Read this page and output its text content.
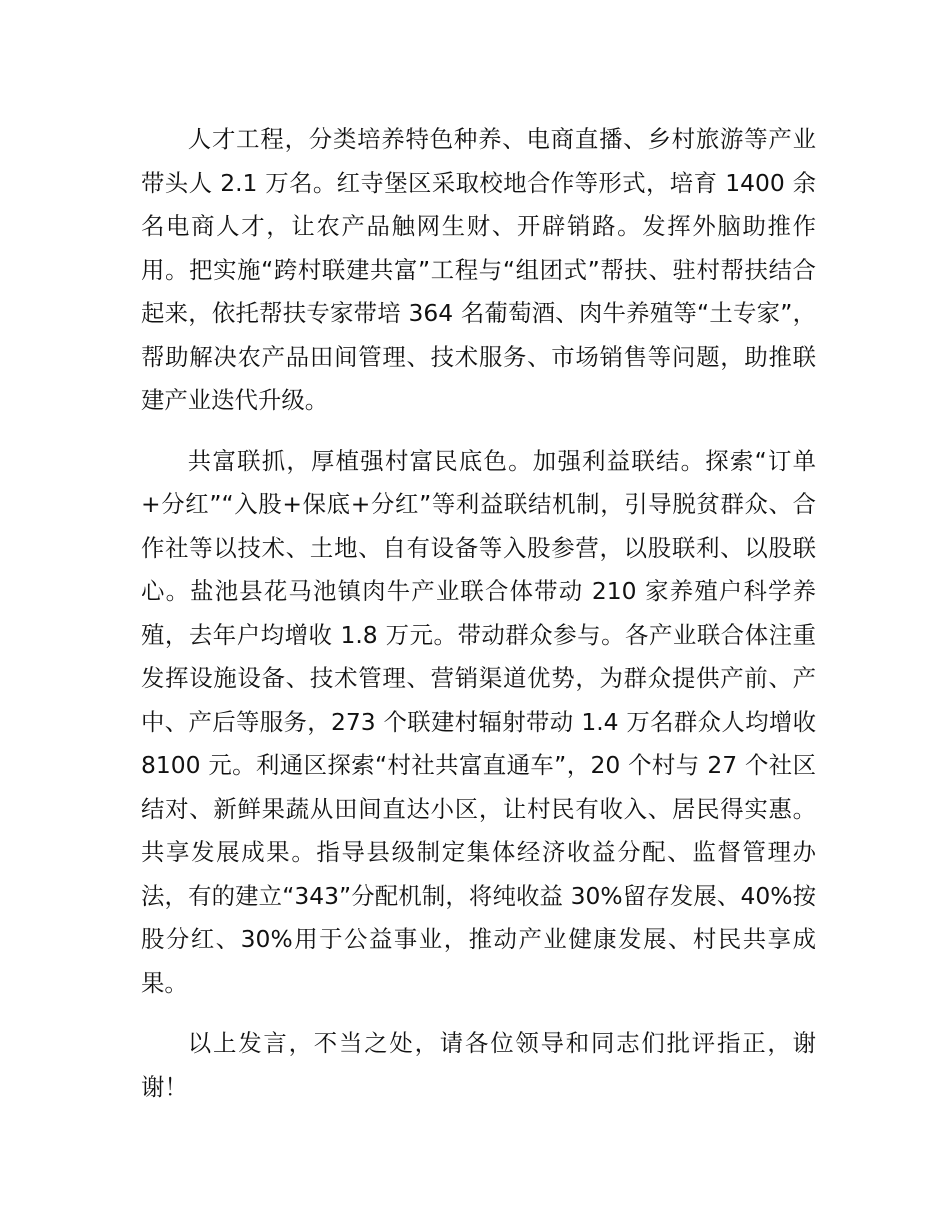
人才工程，分类培养特色种养、电商直播、乡村旅游等产业带头人 2.1 万名。红寺堡区采取校地合作等形式，培育 1400 余名电商人才，让农产品触网生财、开辟销路。发挥外脑助推作用。把实施“跨村联建共富”工程与“组团式”帮扶、驻村帮扶结合起来，依托帮扶专家带培 364 名葡萄酒、肉牛养殖等“土专家”，帮助解决农产品田间管理、技术服务、市场销售等问题，助推联建产业迭代升级。

共富联抓，厚植强村富民底色。加强利益联结。探索“订单+分红”“入股+保底+分红”等利益联结机制，引导脱贫群众、合作社等以技术、土地、自有设备等入股参营，以股联利、以股联心。盐池县花马池镇肉牛产业联合体带动 210 家养殖户科学养殖，去年户均增收 1.8 万元。带动群众参与。各产业联合体注重发挥设施设备、技术管理、营销渠道优势，为群众提供产前、产中、产后等服务，273 个联建村辐射带动 1.4 万名群众人均增收 8100 元。利通区探索“村社共富直通车”，20 个村与 27 个社区结对、新鲜果蔬从田间直达小区，让村民有收入、居民得实惠。共享发展成果。指导县级制定集体经济收益分配、监督管理办法，有的建立“343”分配机制，将纯收益 30%留存发展、40%按股分红、30%用于公益事业，推动产业健康发展、村民共享成果。

以上发言，不当之处，请各位领导和同志们批评指正，谢谢！
